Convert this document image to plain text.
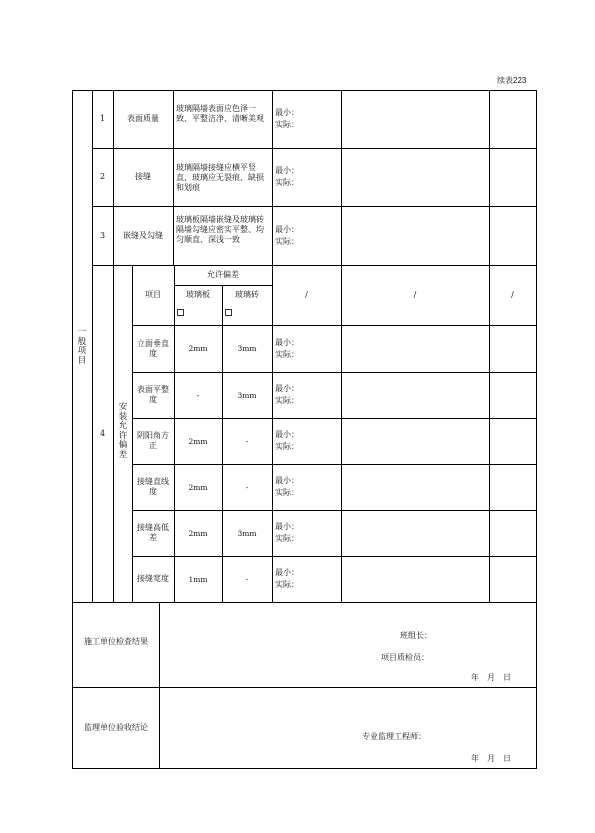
续表223
一般项目
1	表面质量
玻璃隔墙表面应色泽一致、平整洁净、清晰美观
最小：
实际：
2	接缝
玻璃隔墙接缝应横平竖直，玻璃应无裂痕、缺损和划痕
最小：
实际：
3	嵌缝及勾缝
玻璃板隔墙嵌缝及玻璃砖隔墙勾缝应密实平整、均匀顺直、深浅一致
最小：
实际：
4
安装允许偏差
项目
允许偏差
玻璃板	玻璃砖	/	/	/
立面垂直度	2mm	3mm
最小：
实际：
表面平整度	-	3mm
最小：
实际：
阴阳角方正	2mm	-
最小：
实际：
接缝直线度	2mm	-
最小：
实际：
接缝高低差	2mm	3mm
最小：
实际：
接缝宽度	1mm	-
最小：
实际：
施工单位检查结果
班组长：
项目质检员：
年　月　日
监理单位验收结论
专业监理工程师：
年　月　日
